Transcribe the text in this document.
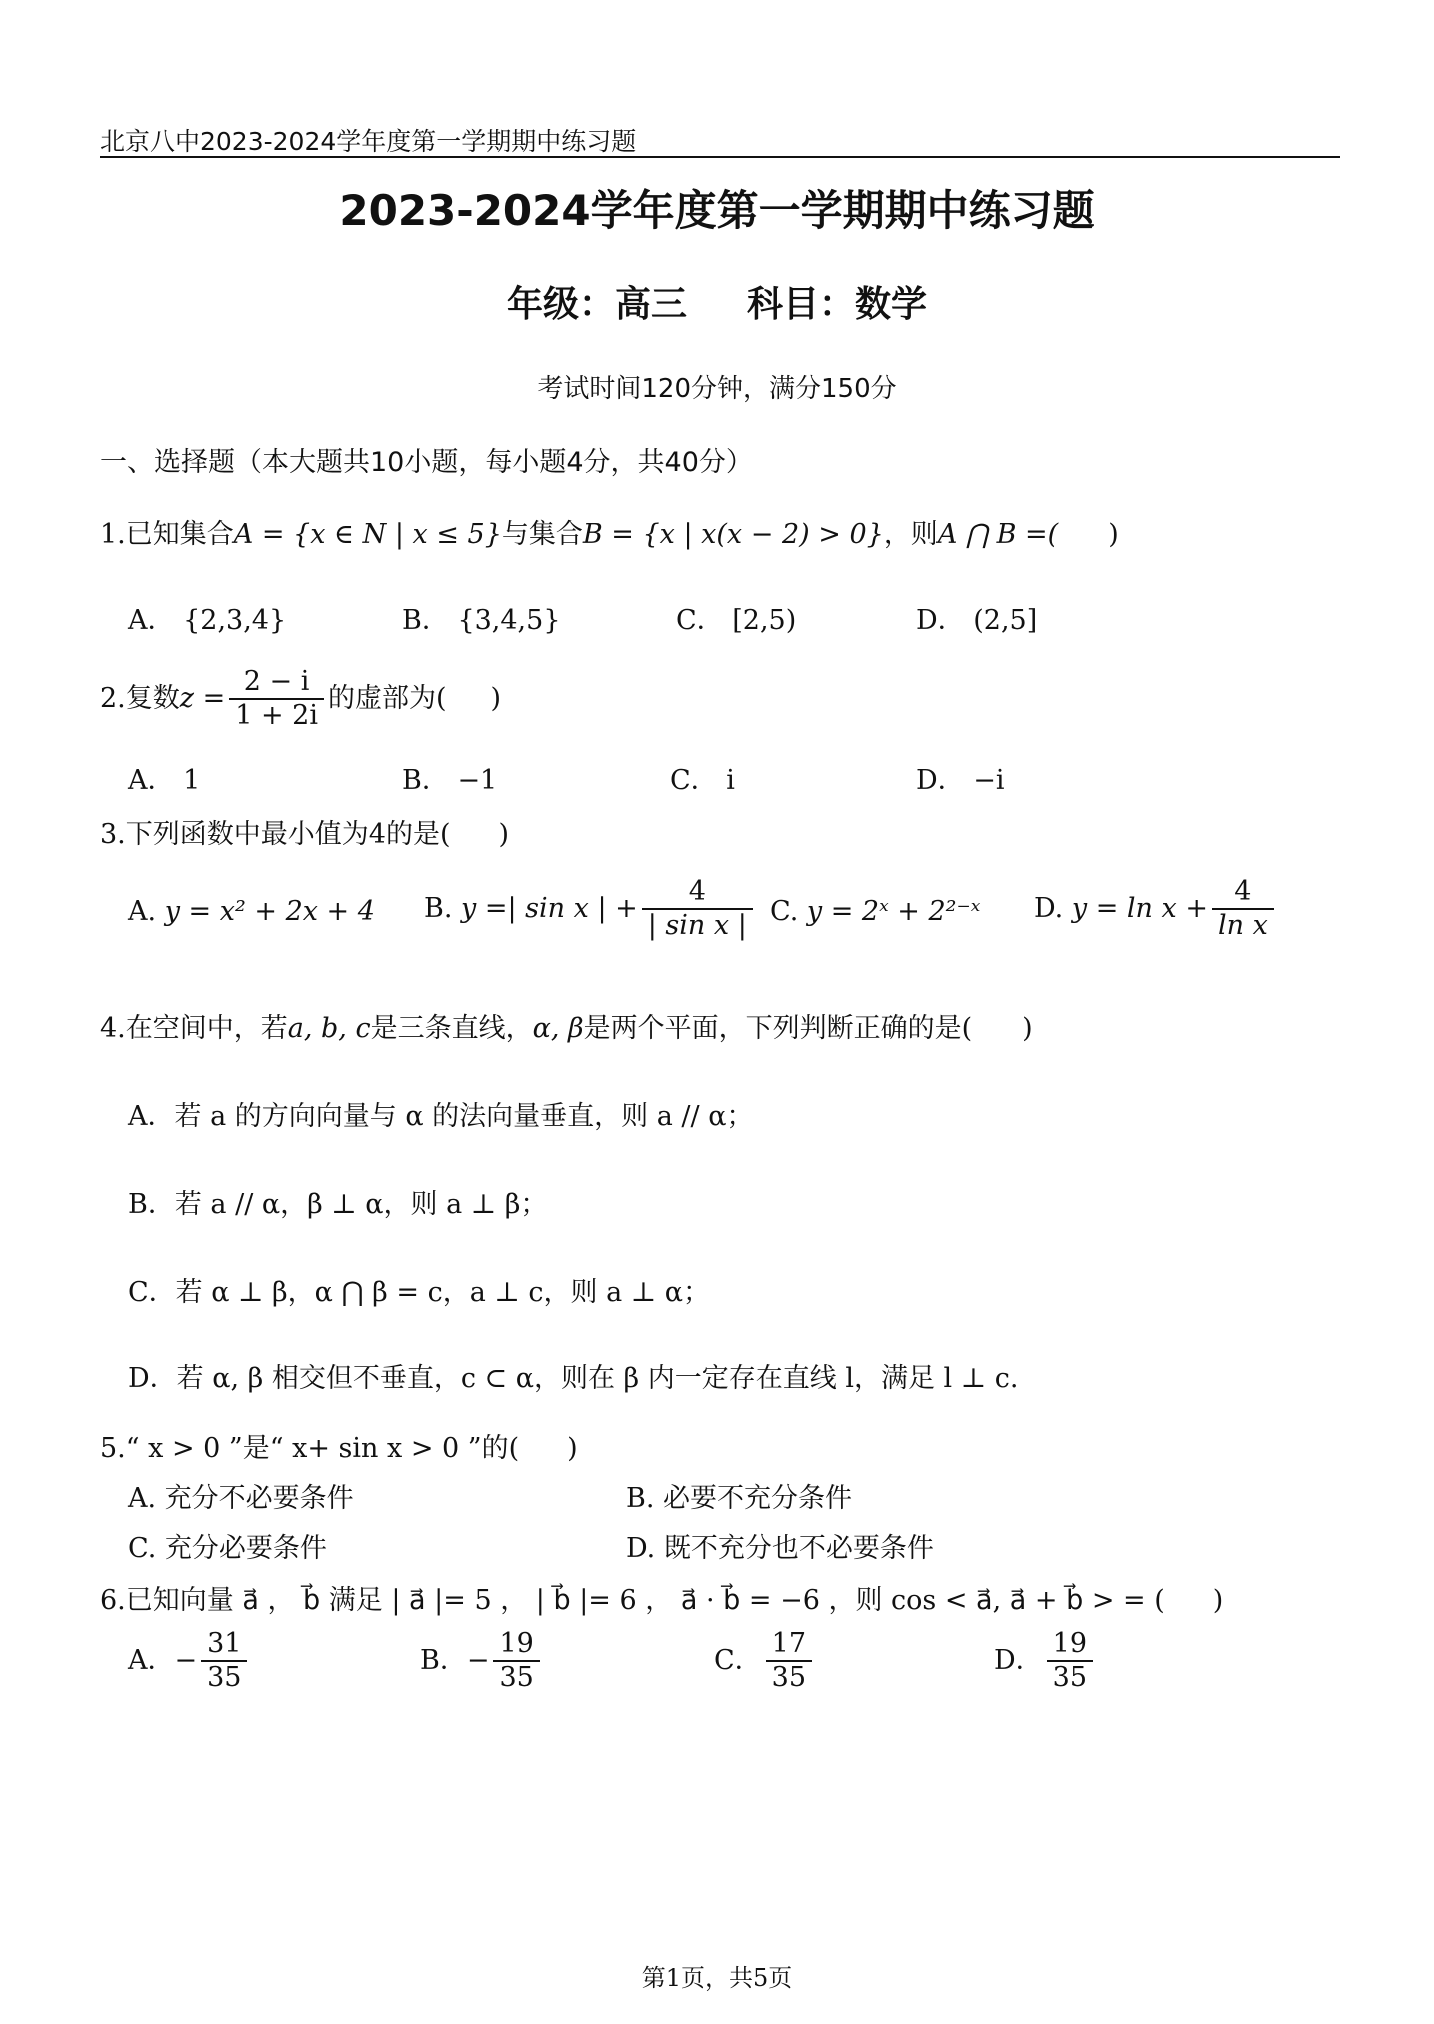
北京八中2023-2024学年度第一学期期中练习题
2023-2024学年度第一学期期中练习题
年级：高三 科目：数学
考试时间120分钟，满分150分
一、选择题（本大题共10小题，每小题4分，共40分）
1.已知集合A = {x ∈ N | x ≤ 5}与集合B = {x | x(x − 2) > 0}，则A ⋂ B =( )
A． {2,3,4}	B． {3,4,5}	C． [2,5)	D． (2,5]
2.复数$z = \frac{2 - i}{1 + 2i}$ 的虚部为( )
A． 1	B． −1	C． i	D． −i
3.下列函数中最小值为4的是( )
A. y = x² + 2x + 4 B. y =| sin x | + $\frac{4}{\text{| sin x |}} C$. y = 2ˣ + 2²⁻ˣ D. $y = \ln x + \frac{4}{\text{ln x}}$
4.在空间中，若a, b, c是三条直线，α, β是两个平面，下列判断正确的是( )
A．若 a 的方向向量与 α 的法向量垂直，则 a // α；
B．若 a // α，β ⊥ α，则 a ⊥ β；
C．若 α ⊥ β，α ⋂ β = c，a ⊥ c，则 a ⊥ α；
D．若 α, β 相交但不垂直，c ⊂ α，则在 β 内一定存在直线 l，满足 l ⊥ c.
5.“ x > 0 ”是“ x+ sin x > 0 ”的( )
A. 充分不必要条件	B. 必要不充分条件
C. 充分必要条件	D. 既不充分也不必要条件
6.已知向量 a⃗ ， b⃗ 满足 | a⃗ |= 5 ， | b⃗ |= 6 ， a⃗ · b⃗ = −6 ，则 cos < a⃗, a⃗ + b⃗ > = ( )
A．− $\frac{31}{35}$	B．− $\frac{19}{35}$	C． $\frac{17}{35}$	D． $\frac{19}{35}$
第1页，共5页
